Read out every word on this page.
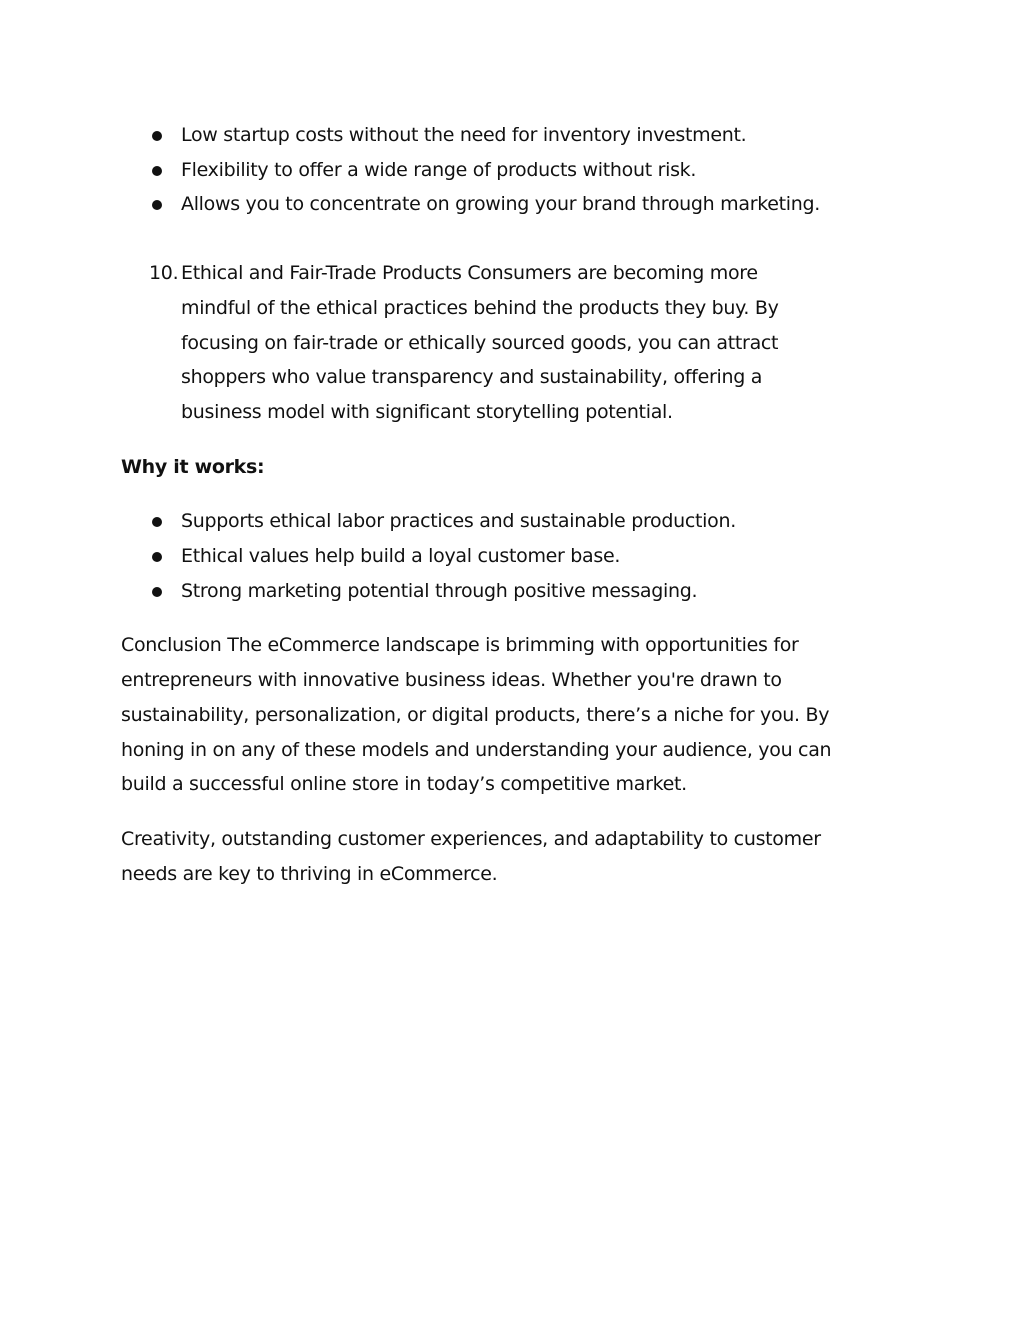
Low startup costs without the need for inventory investment.
Flexibility to offer a wide range of products without risk.
Allows you to concentrate on growing your brand through marketing.
10. Ethical and Fair-Trade Products Consumers are becoming more
mindful of the ethical practices behind the products they buy. By
focusing on fair-trade or ethically sourced goods, you can attract
shoppers who value transparency and sustainability, offering a
business model with significant storytelling potential.
Why it works:
Supports ethical labor practices and sustainable production.
Ethical values help build a loyal customer base.
Strong marketing potential through positive messaging.
Conclusion The eCommerce landscape is brimming with opportunities for
entrepreneurs with innovative business ideas. Whether you're drawn to
sustainability, personalization, or digital products, there’s a niche for you. By
honing in on any of these models and understanding your audience, you can
build a successful online store in today’s competitive market.
Creativity, outstanding customer experiences, and adaptability to customer
needs are key to thriving in eCommerce.
